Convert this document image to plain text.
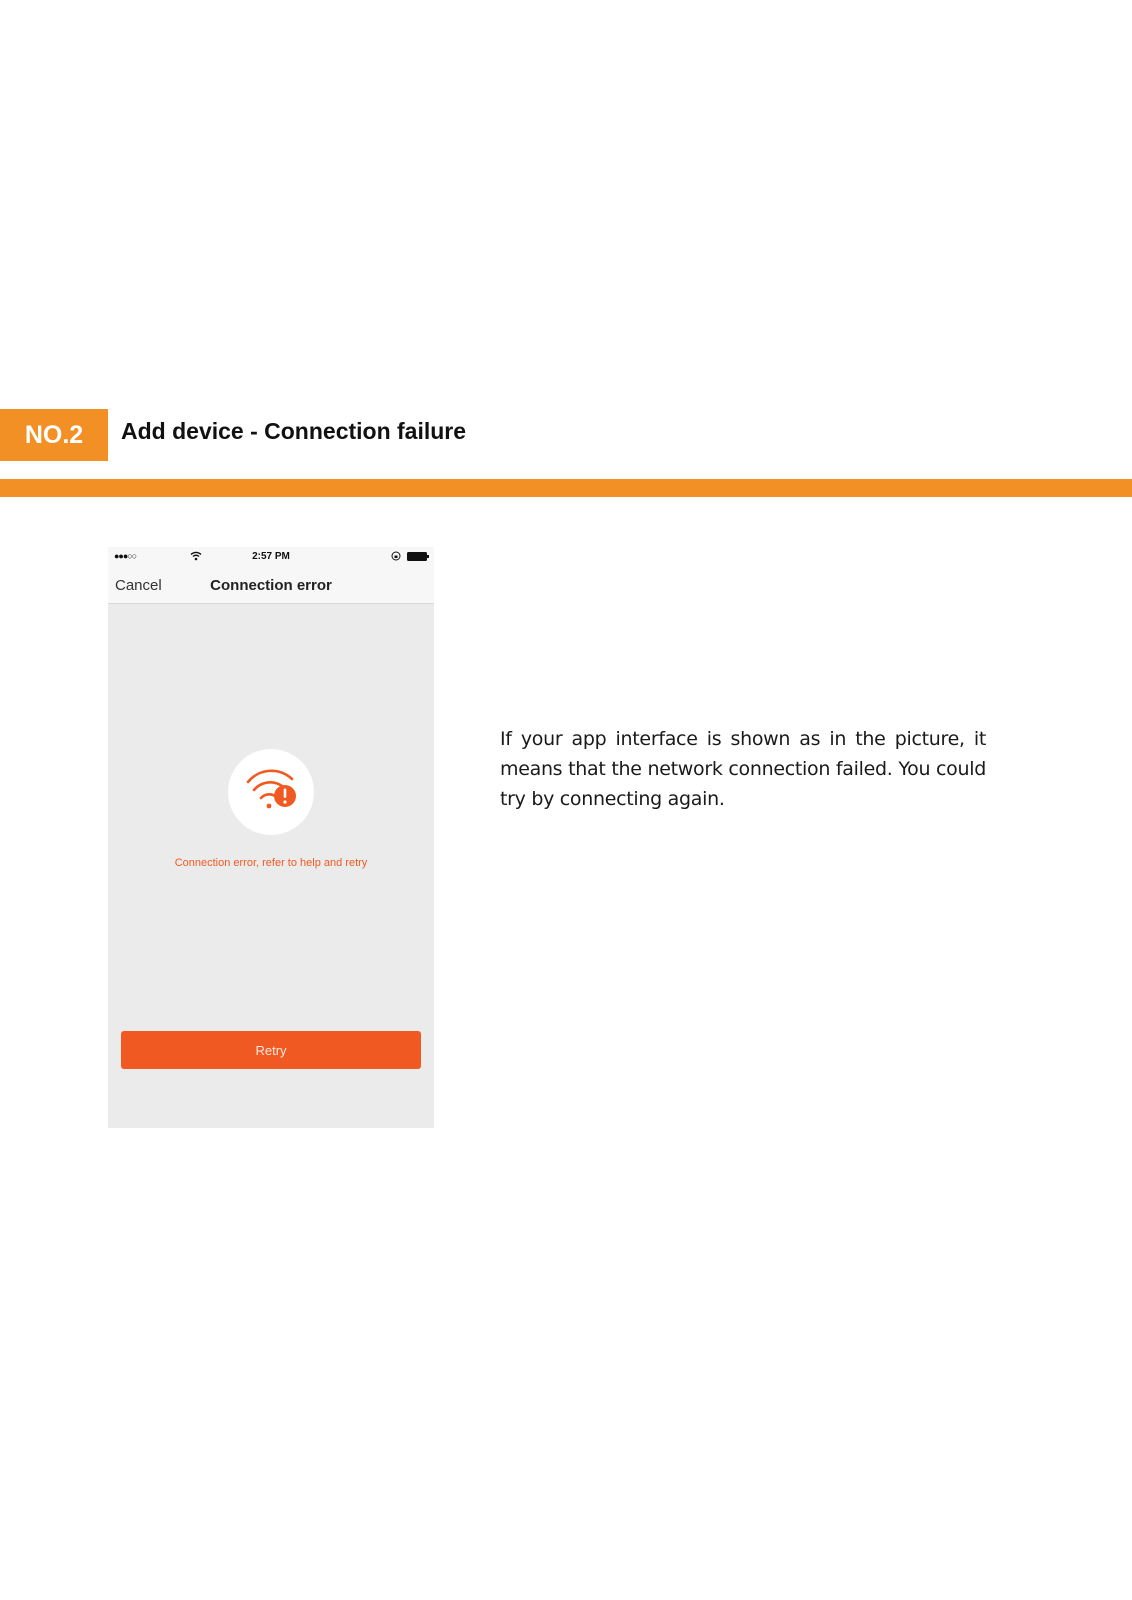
NO.2 Add device - Connection failure
●●●○○	2:57 PM
Cancel	Connection error
Connection error, refer to help and retry
Retry

If your app interface is shown as in the picture, it means that the network connection failed. You could try by connecting again.
